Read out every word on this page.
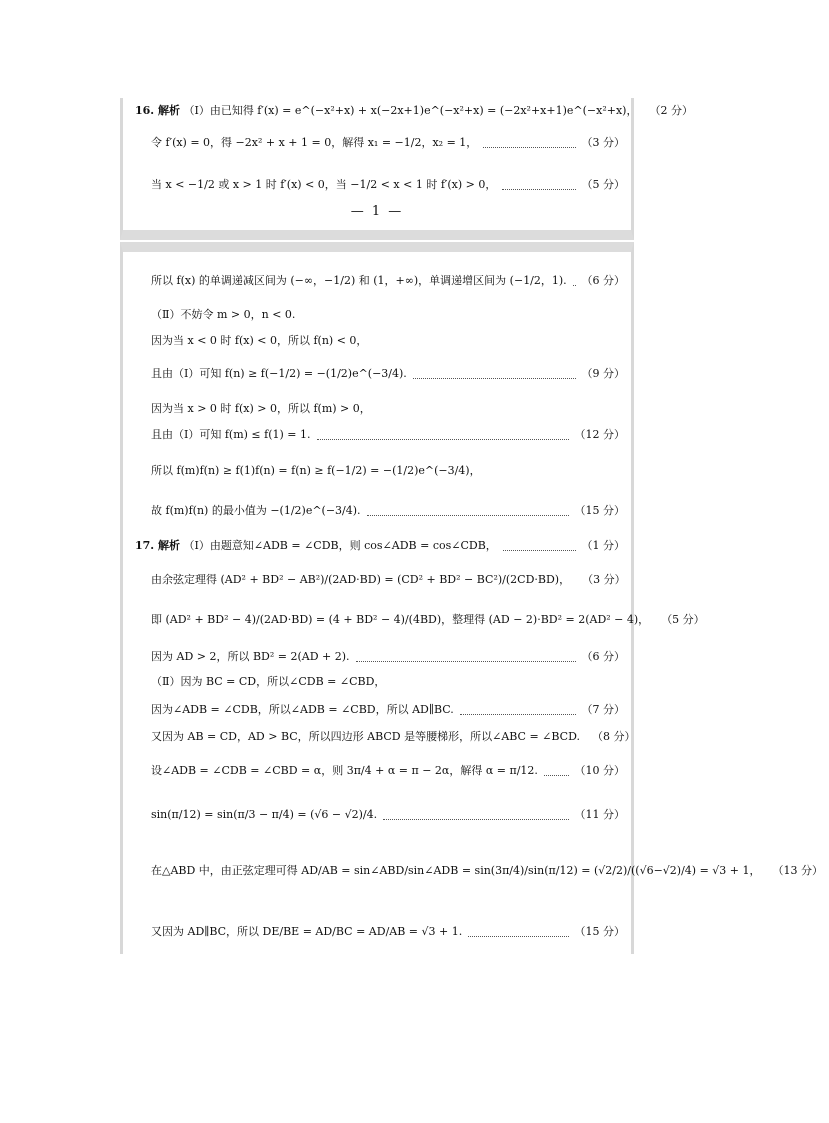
16. 解析 （Ⅰ）由已知得 f′(x) = e^(−x²+x) + x(−2x+1)e^(−x²+x) = (−2x²+x+1)e^(−x²+x)， （2 分）
令 f′(x) = 0，得 −2x² + x + 1 = 0，解得 x₁ = −1/2，x₂ = 1，	（3 分）
当 x < −1/2 或 x > 1 时 f′(x) < 0，当 −1/2 < x < 1 时 f′(x) > 0，	（5 分）
— 1 —
所以 f(x) 的单调递减区间为 (−∞，−1/2) 和 (1，+∞)，单调递增区间为 (−1/2，1). （6 分）
（Ⅱ）不妨令 m > 0，n < 0.
因为当 x < 0 时 f(x) < 0，所以 f(n) < 0，
且由（Ⅰ）可知 f(n) ≥ f(−1/2) = −(1/2)e^(−3/4).	（9 分）
因为当 x > 0 时 f(x) > 0，所以 f(m) > 0，
且由（Ⅰ）可知 f(m) ≤ f(1) = 1.	（12 分）
所以 f(m)f(n) ≥ f(1)f(n) = f(n) ≥ f(−1/2) = −(1/2)e^(−3/4)，
故 f(m)f(n) 的最小值为 −(1/2)e^(−3/4).	（15 分）
17. 解析 （Ⅰ）由题意知∠ADB = ∠CDB，则 cos∠ADB = cos∠CDB，	（1 分）
由余弦定理得 (AD² + BD² − AB²)/(2AD·BD) = (CD² + BD² − BC²)/(2CD·BD)， （3 分）
即 (AD² + BD² − 4)/(2AD·BD) = (4 + BD² − 4)/(4BD)，整理得 (AD − 2)·BD² = 2(AD² − 4)， （5 分）
因为 AD > 2，所以 BD² = 2(AD + 2).	（6 分）
（Ⅱ）因为 BC = CD，所以∠CDB = ∠CBD，
因为∠ADB = ∠CDB，所以∠ADB = ∠CBD，所以 AD∥BC.	（7 分）
又因为 AB = CD，AD > BC，所以四边形 ABCD 是等腰梯形，所以∠ABC = ∠BCD. （8 分）
设∠ADB = ∠CDB = ∠CBD = α，则 3π/4 + α = π − 2α，解得 α = π/12.	（10 分）
sin(π/12) = sin(π/3 − π/4) = (√6 − √2)/4.	（11 分）
在△ABD 中，由正弦定理可得 AD/AB = sin∠ABD/sin∠ADB = sin(3π/4)/sin(π/12) = (√2/2)/((√6−√2)/4) = √3 + 1， （13 分）
又因为 AD∥BC，所以 DE/BE = AD/BC = AD/AB = √3 + 1.	（15 分）
